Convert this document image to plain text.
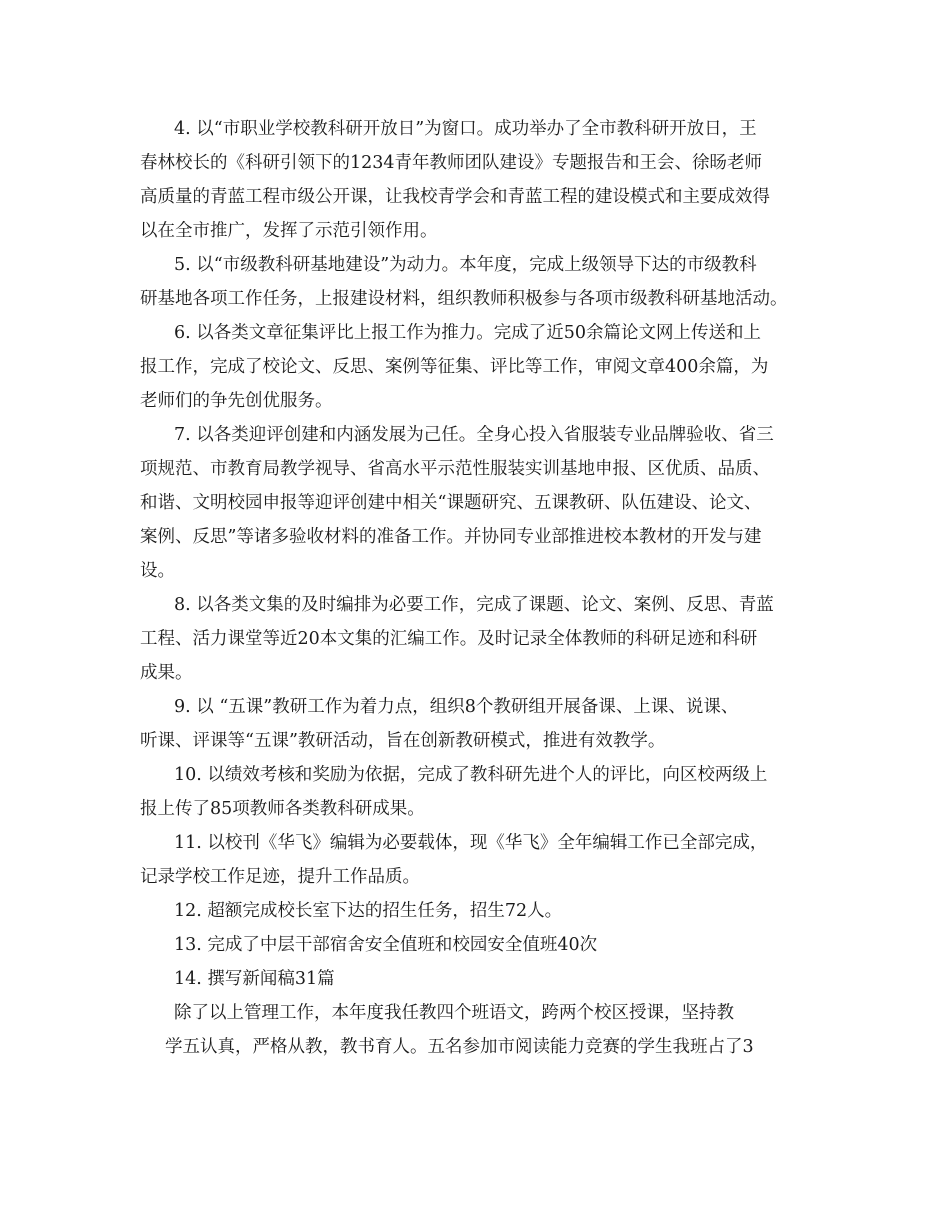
4. 以“市职业学校教科研开放日”为窗口。成功举办了全市教科研开放日，王
春林校长的《科研引领下的1234青年教师团队建设》专题报告和王会、徐旸老师
高质量的青蓝工程市级公开课，让我校青学会和青蓝工程的建设模式和主要成效得
以在全市推广，发挥了示范引领作用。
5. 以“市级教科研基地建设”为动力。本年度，完成上级领导下达的市级教科
研基地各项工作任务，上报建设材料，组织教师积极参与各项市级教科研基地活动。
6. 以各类文章征集评比上报工作为推力。完成了近50余篇论文网上传送和上
报工作，完成了校论文、反思、案例等征集、评比等工作，审阅文章400余篇，为
老师们的争先创优服务。
7. 以各类迎评创建和内涵发展为己任。全身心投入省服装专业品牌验收、省三
项规范、市教育局教学视导、省高水平示范性服装实训基地申报、区优质、品质、
和谐、文明校园申报等迎评创建中相关“课题研究、五课教研、队伍建设、论文、
案例、反思”等诸多验收材料的准备工作。并协同专业部推进校本教材的开发与建
设。
8. 以各类文集的及时编排为必要工作，完成了课题、论文、案例、反思、青蓝
工程、活力课堂等近20本文集的汇编工作。及时记录全体教师的科研足迹和科研
成果。
9. 以 “五课”教研工作为着力点，组织8个教研组开展备课、上课、说课、
听课、评课等“五课”教研活动，旨在创新教研模式，推进有效教学。
10. 以绩效考核和奖励为依据，完成了教科研先进个人的评比，向区校两级上
报上传了85项教师各类教科研成果。
11. 以校刊《华飞》编辑为必要载体，现《华飞》全年编辑工作已全部完成，
记录学校工作足迹，提升工作品质。
12. 超额完成校长室下达的招生任务，招生72人。
13. 完成了中层干部宿舍安全值班和校园安全值班40次
14. 撰写新闻稿31篇
除了以上管理工作，本年度我任教四个班语文，跨两个校区授课，坚持教
学五认真，严格从教，教书育人。五名参加市阅读能力竞赛的学生我班占了3
